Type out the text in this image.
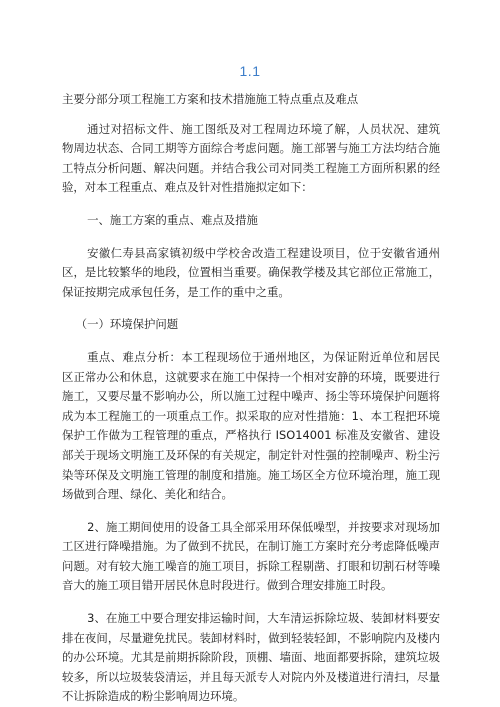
1.1

主要分部分项工程施工方案和技术措施施工特点重点及难点

通过对招标文件、施工图纸及对工程周边环境了解，人员状况、建筑物周边状态、合同工期等方面综合考虑问题。施工部署与施工方法均结合施工特点分析问题、解决问题。并结合我公司对同类工程施工方面所积累的经验，对本工程重点、难点及针对性措施拟定如下：

一、施工方案的重点、难点及措施

安徽仁寿县高家镇初级中学校舍改造工程建设项目，位于安徽省通州区，是比较繁华的地段，位置相当重要。确保教学楼及其它部位正常施工，保证按期完成承包任务，是工作的重中之重。

（一）环境保护问题

重点、难点分析：本工程现场位于通州地区，为保证附近单位和居民区正常办公和休息，这就要求在施工中保持一个相对安静的环境，既要进行施工，又要尽量不影响办公，所以施工过程中噪声、扬尘等环境保护问题将成为本工程施工的一项重点工作。拟采取的应对性措施：1、本工程把环境保护工作做为工程管理的重点，严格执行 ISO14001 标准及安徽省、建设部关于现场文明施工及环保的有关规定，制定针对性强的控制噪声、粉尘污染等环保及文明施工管理的制度和措施。施工场区全方位环境治理，施工现场做到合理、绿化、美化和结合。

2、施工期间使用的设备工具全部采用环保低噪型，并按要求对现场加工区进行降噪措施。为了做到不扰民，在制订施工方案时充分考虑降低噪声问题。对有较大施工噪音的施工项目，拆除工程剔凿、打眼和切割石材等噪音大的施工项目错开居民休息时段进行。做到合理安排施工时段。

3、在施工中要合理安排运输时间，大车清运拆除垃圾、装卸材料要安排在夜间，尽量避免扰民。装卸材料时，做到轻装轻卸，不影响院内及楼内的办公环境。尤其是前期拆除阶段，顶棚、墙面、地面都要拆除，建筑垃圾较多，所以垃圾装袋清运，并且每天派专人对院内外及楼道进行清扫，尽量不让拆除造成的粉尘影响周边环境。
